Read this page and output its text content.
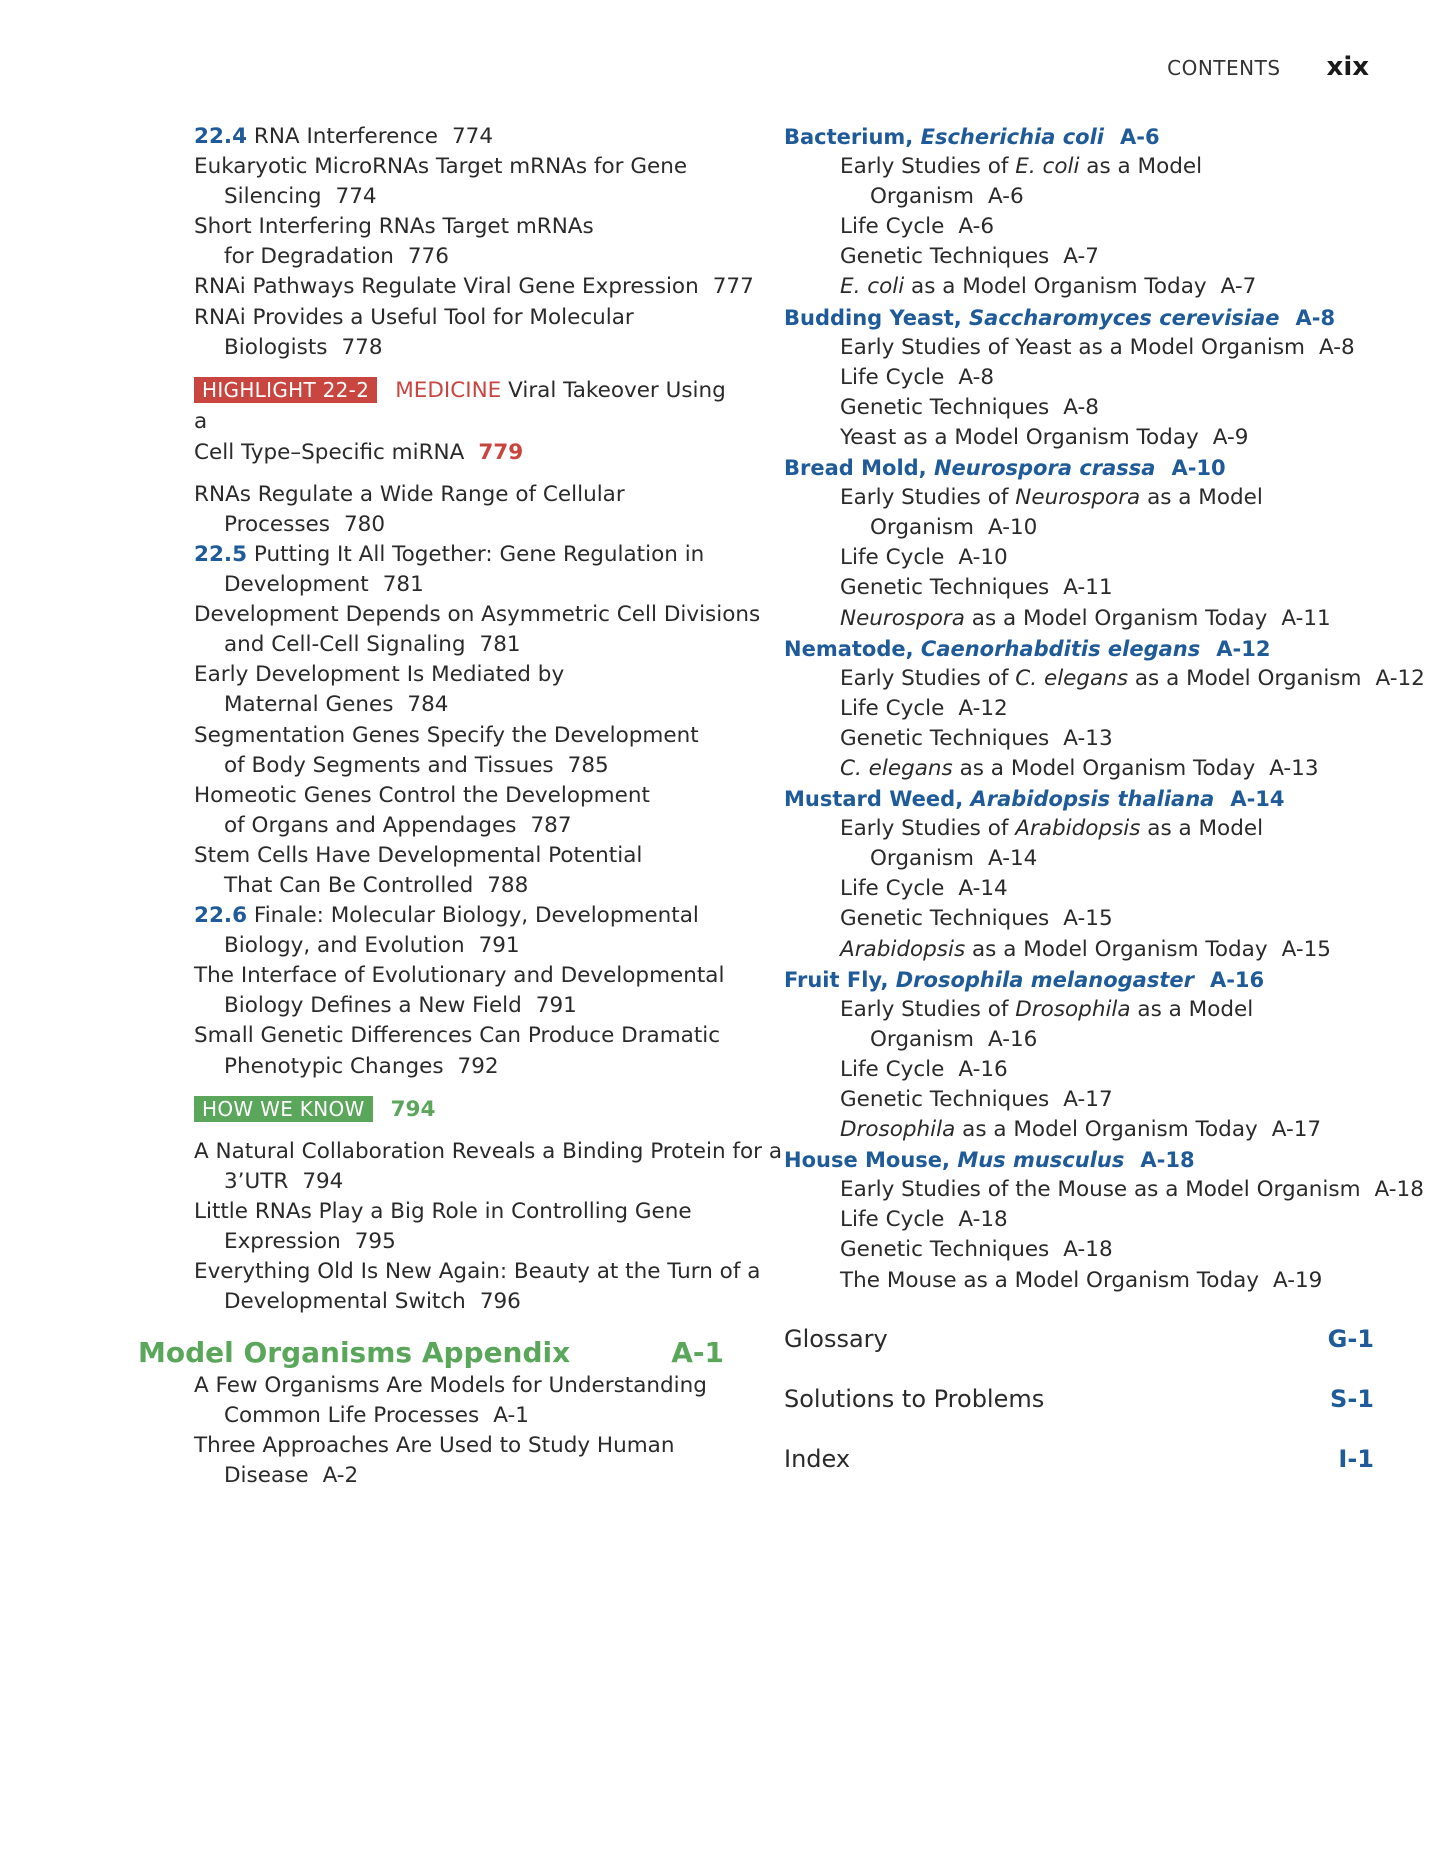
CONTENTS xix
22.4 RNA Interference 774
Eukaryotic MicroRNAs Target mRNAs for Gene
Silencing 774
Short Interfering RNAs Target mRNAs
for Degradation 776
RNAi Pathways Regulate Viral Gene Expression 777
RNAi Provides a Useful Tool for Molecular
Biologists 778
HIGHLIGHT 22-2 MEDICINE Viral Takeover Using a
Cell Type–Specific miRNA 779
RNAs Regulate a Wide Range of Cellular
Processes 780
22.5 Putting It All Together: Gene Regulation in
Development 781
Development Depends on Asymmetric Cell Divisions
and Cell-Cell Signaling 781
Early Development Is Mediated by
Maternal Genes 784
Segmentation Genes Specify the Development
of Body Segments and Tissues 785
Homeotic Genes Control the Development
of Organs and Appendages 787
Stem Cells Have Developmental Potential
That Can Be Controlled 788
22.6 Finale: Molecular Biology, Developmental
Biology, and Evolution 791
The Interface of Evolutionary and Developmental
Biology Defines a New Field 791
Small Genetic Differences Can Produce Dramatic
Phenotypic Changes 792
HOW WE KNOW 794
A Natural Collaboration Reveals a Binding Protein for a
3’UTR 794
Little RNAs Play a Big Role in Controlling Gene
Expression 795
Everything Old Is New Again: Beauty at the Turn of a
Developmental Switch 796
Model Organisms Appendix	A-1
A Few Organisms Are Models for Understanding
Common Life Processes A-1
Three Approaches Are Used to Study Human
Disease A-2
Bacterium, Escherichia coli A-6
Early Studies of E. coli as a Model
Organism A-6
Life Cycle A-6
Genetic Techniques A-7
E. coli as a Model Organism Today A-7
Budding Yeast, Saccharomyces cerevisiae A-8
Early Studies of Yeast as a Model Organism A-8
Life Cycle A-8
Genetic Techniques A-8
Yeast as a Model Organism Today A-9
Bread Mold, Neurospora crassa A-10
Early Studies of Neurospora as a Model
Organism A-10
Life Cycle A-10
Genetic Techniques A-11
Neurospora as a Model Organism Today A-11
Nematode, Caenorhabditis elegans A-12
Early Studies of C. elegans as a Model Organism A-12
Life Cycle A-12
Genetic Techniques A-13
C. elegans as a Model Organism Today A-13
Mustard Weed, Arabidopsis thaliana A-14
Early Studies of Arabidopsis as a Model
Organism A-14
Life Cycle A-14
Genetic Techniques A-15
Arabidopsis as a Model Organism Today A-15
Fruit Fly, Drosophila melanogaster A-16
Early Studies of Drosophila as a Model
Organism A-16
Life Cycle A-16
Genetic Techniques A-17
Drosophila as a Model Organism Today A-17
House Mouse, Mus musculus A-18
Early Studies of the Mouse as a Model Organism A-18
Life Cycle A-18
Genetic Techniques A-18
The Mouse as a Model Organism Today A-19
Glossary	G-1
Solutions to Problems	S-1
Index	I-1
